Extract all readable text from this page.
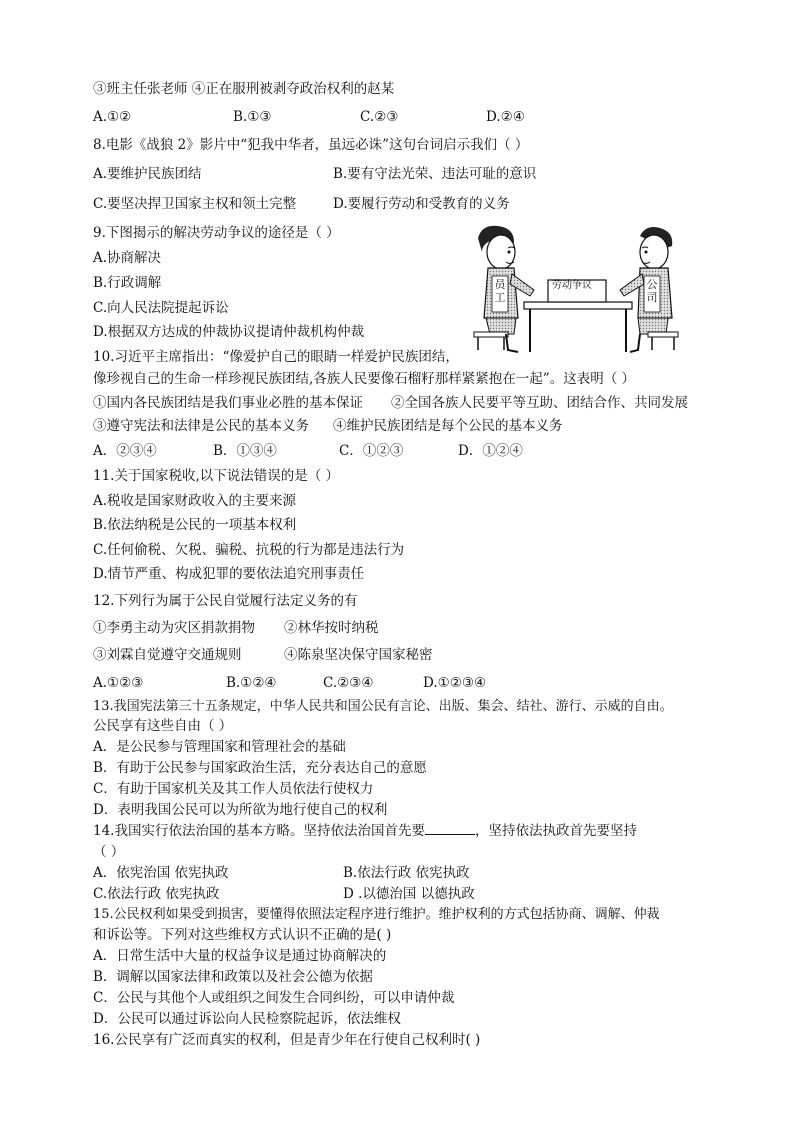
③班主任张老师 ④正在服刑被剥夺政治权利的赵某
A.①②	B.①③	C.②③	D.②④
8.电影《战狼 2》影片中“犯我中华者，虽远必诛”这句台词启示我们（ ）
A.要维护民族团结	B.要有守法光荣、违法可耻的意识
C.要坚决捍卫国家主权和领土完整	D.要履行劳动和受教育的义务
9.下图揭示的解决劳动争议的途径是（ ）
A.协商解决
B.行政调解
C.向人民法院提起诉讼
D.根据双方达成的仲裁协议提请仲裁机构仲裁
劳动争议
员工
公司
10.习近平主席指出：“像爱护自己的眼睛一样爱护民族团结，
像珍视自己的生命一样珍视民族团结,各族人民要像石榴籽那样紧紧抱在一起”。这表明（ ）
①国内各民族团结是我们事业必胜的基本保证 ②全国各族人民要平等互助、团结合作、共同发展
③遵守宪法和法律是公民的基本义务 ④维护民族团结是每个公民的基本义务
A．②③④	B．①③④	C．①②③	D．①②④
11.关于国家税收,以下说法错误的是（ ）
A.税收是国家财政收入的主要来源
B.依法纳税是公民的一项基本权利
C.任何偷税、欠税、骗税、抗税的行为都是违法行为
D.情节严重、构成犯罪的要依法追究刑事责任
12.下列行为属于公民自觉履行法定义务的有
①李勇主动为灾区捐款捐物 ②林华按时纳税
③刘霖自觉遵守交通规则	④陈泉坚决保守国家秘密
A.①②③	B.①②④	C.②③④	D.①②③④
13.我国宪法第三十五条规定，中华人民共和国公民有言论、出版、集会、结社、游行、示威的自由。
公民享有这些自由（ ）
A．是公民参与管理国家和管理社会的基础
B．有助于公民参与国家政治生活，充分表达自己的意愿
C．有助于国家机关及其工作人员依法行使权力
D．表明我国公民可以为所欲为地行使自己的权利
14.我国实行依法治国的基本方略。坚持依法治国首先要	，坚持依法执政首先要坚持
（ ）
A．依宪治国 依宪执政	B.依法行政 依宪执政
C.依法行政 依宪执政	D .以德治国 以德执政
15.公民权利如果受到损害，要懂得依照法定程序进行维护。维护权利的方式包括协商、调解、仲裁
和诉讼等。下列对这些维权方式认识不正确的是( )
A．日常生活中大量的权益争议是通过协商解决的
B．调解以国家法律和政策以及社会公德为依据
C．公民与其他个人或组织之间发生合同纠纷，可以申请仲裁
D．公民可以通过诉讼向人民检察院起诉，依法维权
16.公民享有广泛而真实的权利，但是青少年在行使自己权利时( )
